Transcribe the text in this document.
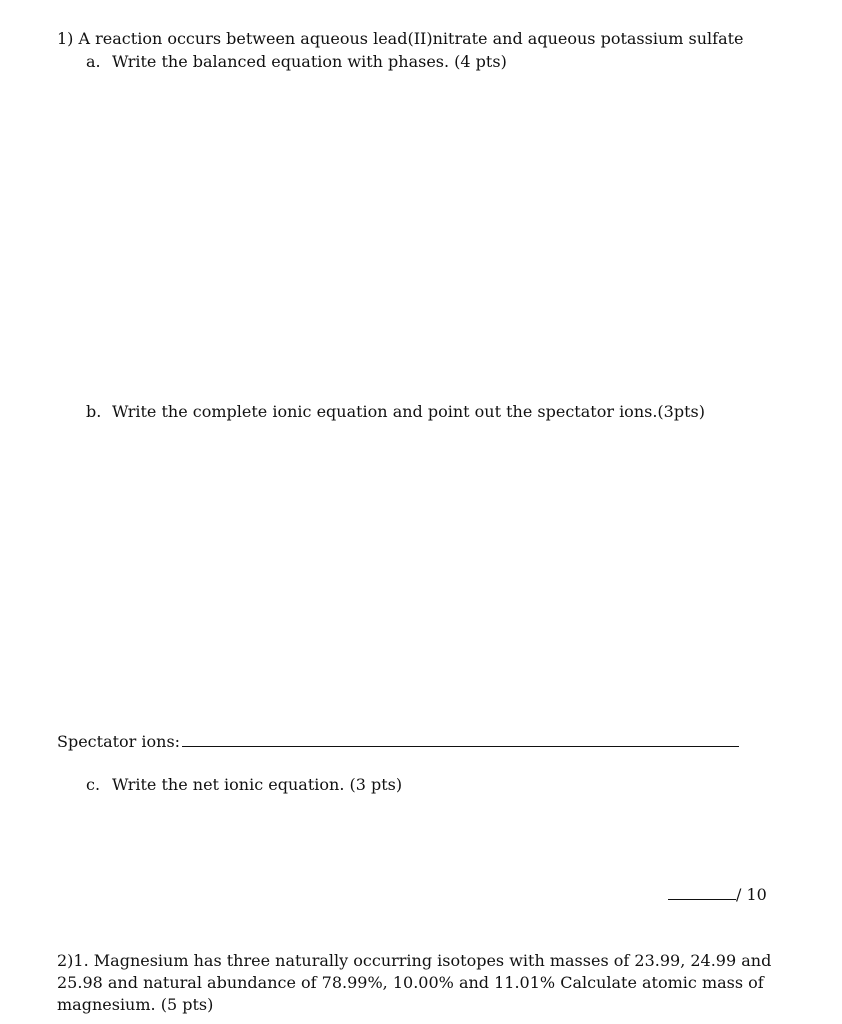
1) A reaction occurs between aqueous lead(II)nitrate and aqueous potassium sulfate
a. Write the balanced equation with phases. (4 pts)
b. Write the complete ionic equation and point out the spectator ions.(3pts)
Spectator ions:
c. Write the net ionic equation. (3 pts)
/ 10
2)1. Magnesium has three naturally occurring isotopes with masses of 23.99, 24.99 and 25.98 and natural abundance of 78.99%, 10.00% and 11.01% Calculate atomic mass of magnesium. (5 pts)
